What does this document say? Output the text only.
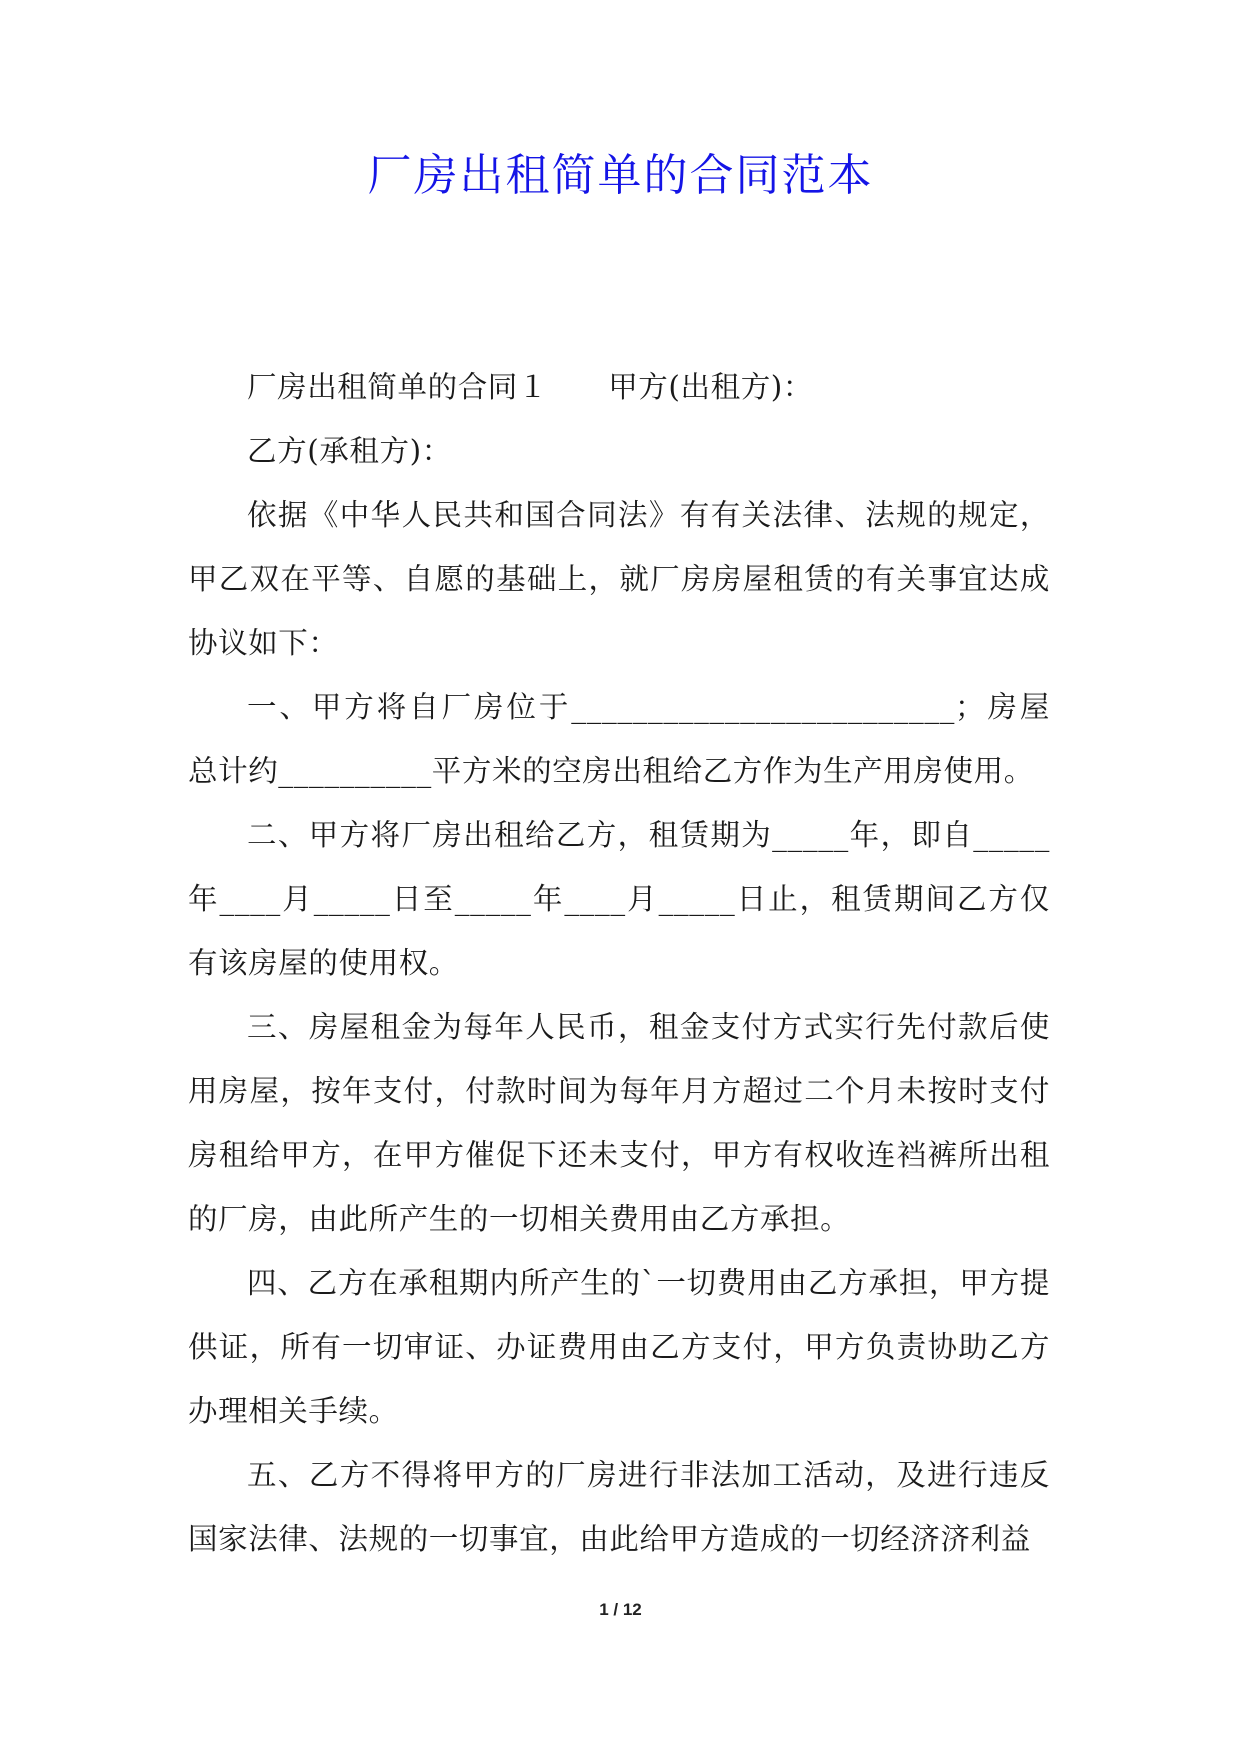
厂房出租简单的合同范本

厂房出租简单的合同１　　甲方(出租方)：

乙方(承租方)：

依据《中华人民共和国合同法》有有关法律、法规的规定，甲乙双在平等、自愿的基础上，就厂房房屋租赁的有关事宜达成协议如下：

一、甲方将自厂房位于_________________________；房屋总计约__________平方米的空房出租给乙方作为生产用房使用。

二、甲方将厂房出租给乙方，租赁期为_____年，即自_____年____月_____日至_____年____月_____日止，租赁期间乙方仅有该房屋的使用权。

三、房屋租金为每年人民币，租金支付方式实行先付款后使用房屋，按年支付，付款时间为每年月方超过二个月未按时支付房租给甲方，在甲方催促下还未支付，甲方有权收连裆裤所出租的厂房，由此所产生的一切相关费用由乙方承担。

四、乙方在承租期内所产生的`一切费用由乙方承担，甲方提供证，所有一切审证、办证费用由乙方支付，甲方负责协助乙方办理相关手续。

五、乙方不得将甲方的厂房进行非法加工活动，及进行违反国家法律、法规的一切事宜，由此给甲方造成的一切经济济利益

1 / 12
